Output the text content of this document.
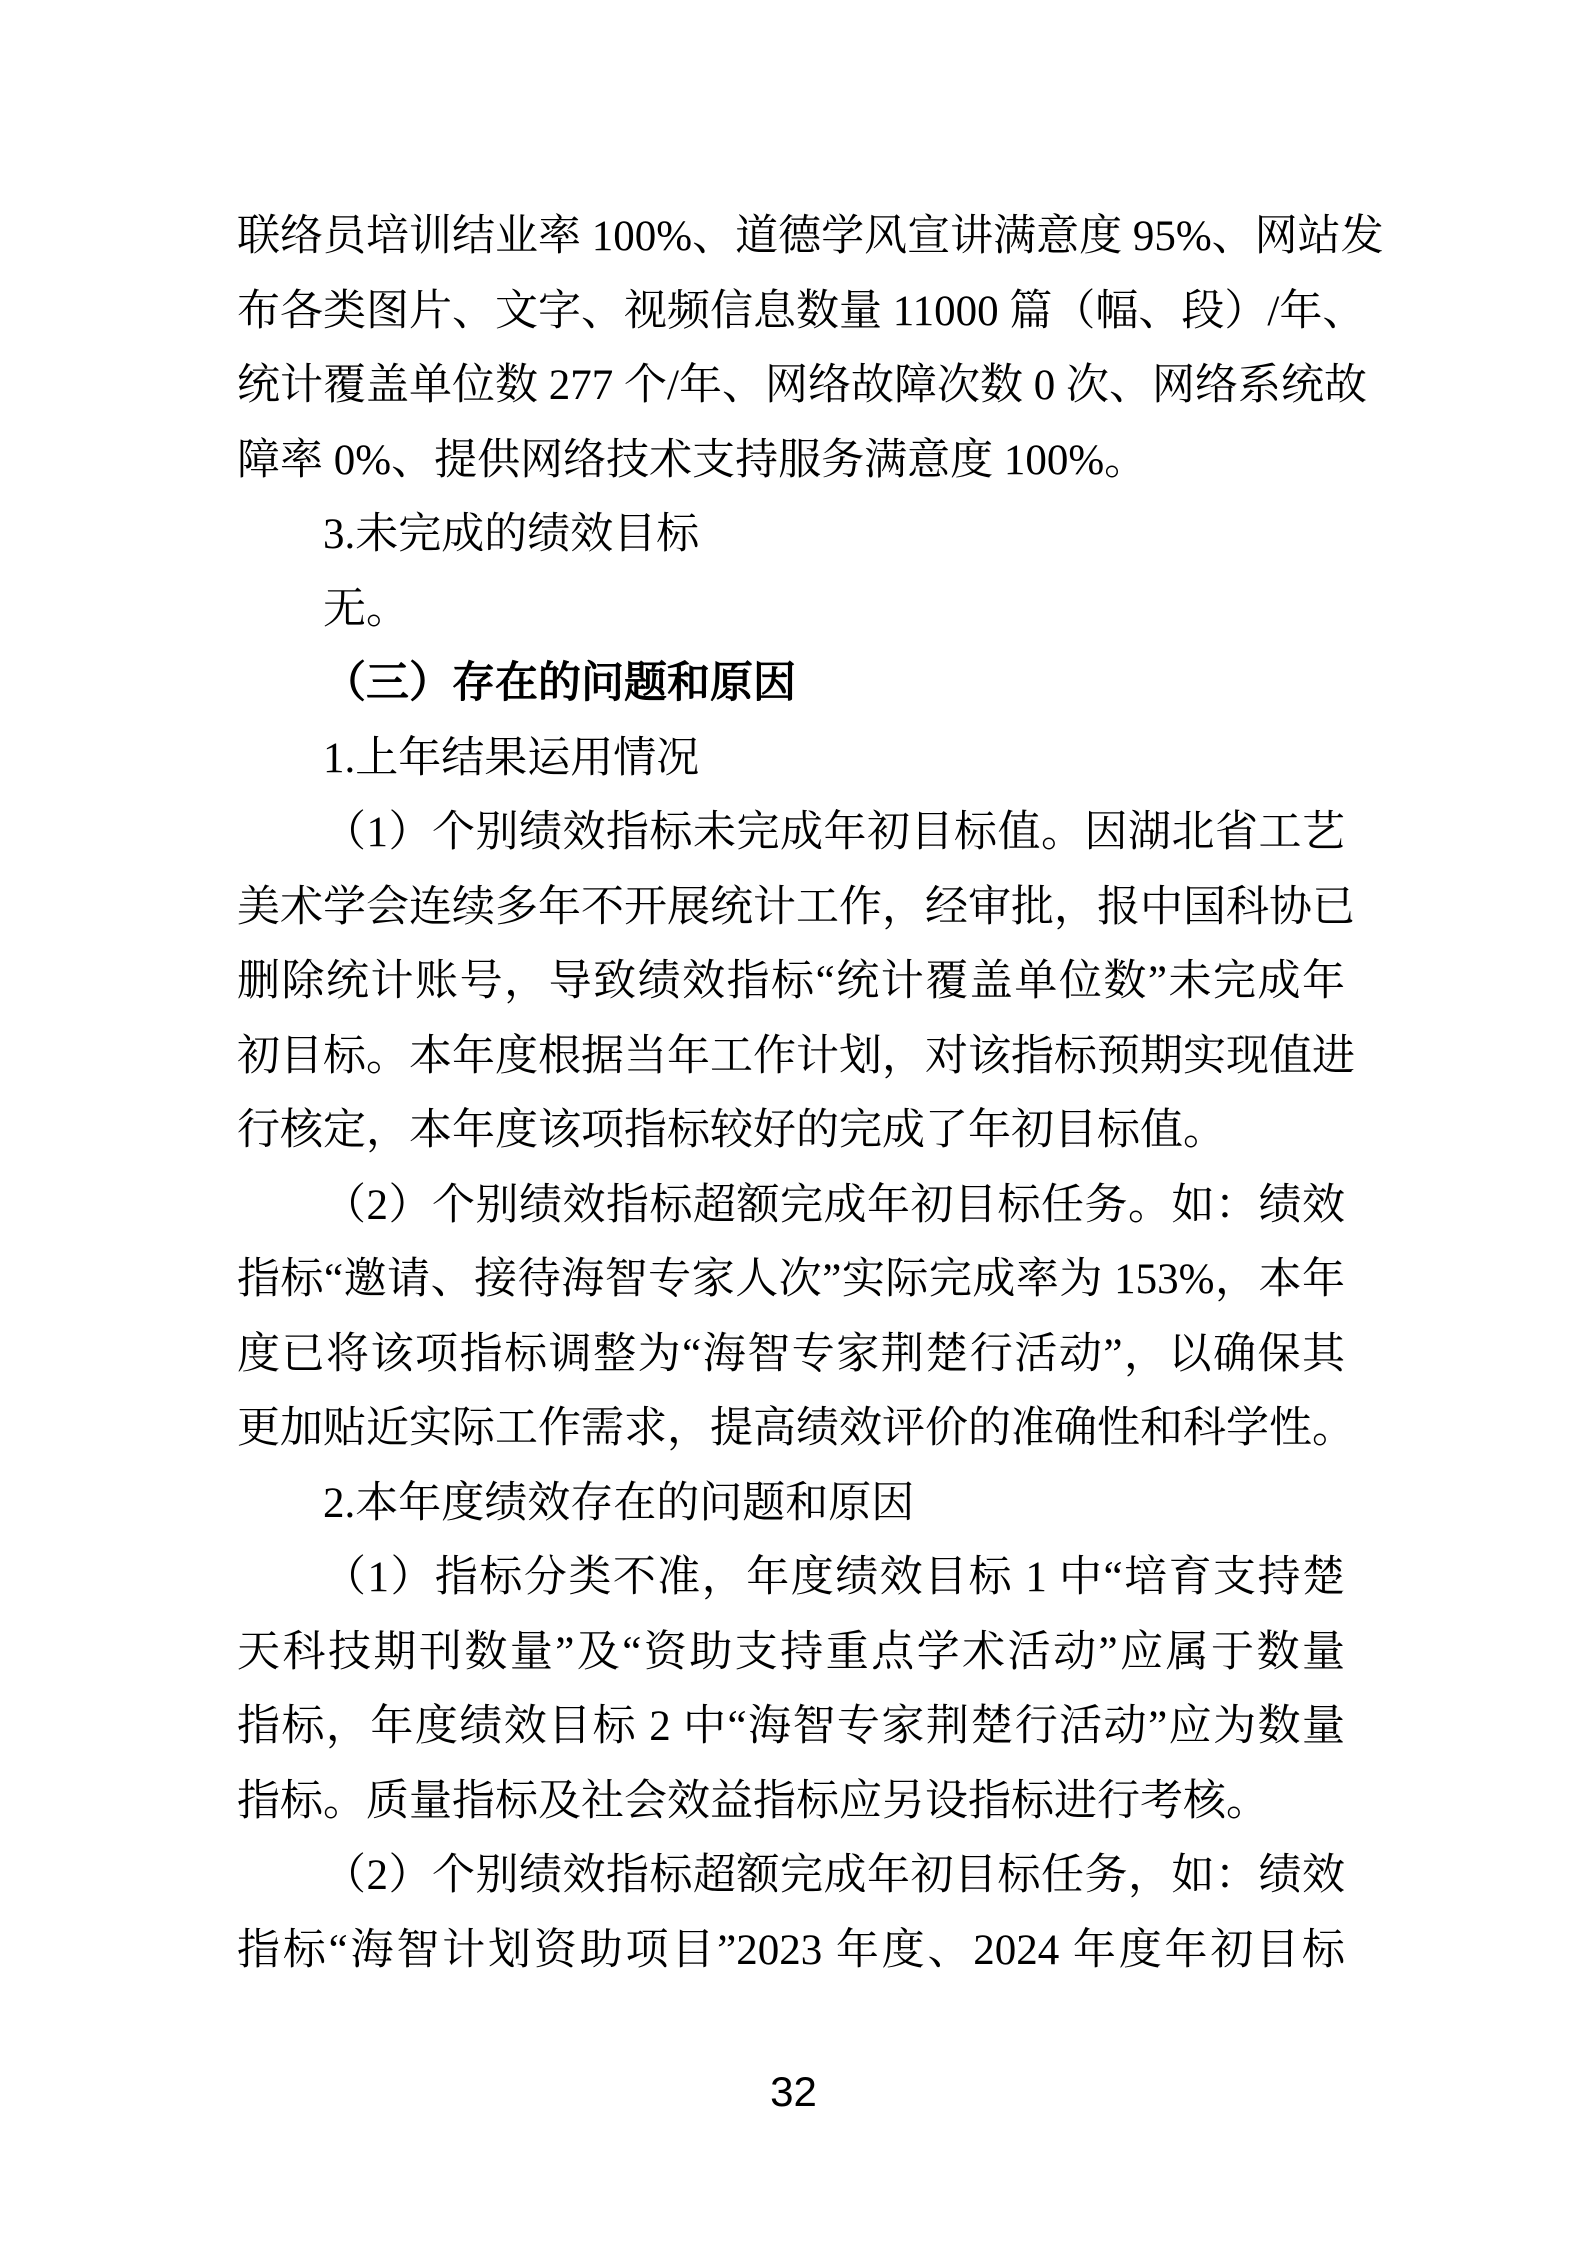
联络员培训结业率 100%、道德学风宣讲满意度 95%、网站发
布各类图片、文字、视频信息数量 11000 篇（幅、段）/年、
统计覆盖单位数 277 个/年、网络故障次数 0 次、网络系统故
障率 0%、提供网络技术支持服务满意度 100%。
3.未完成的绩效目标
无。
（三）存在的问题和原因
1.上年结果运用情况
（1）个别绩效指标未完成年初目标值。因湖北省工艺
美术学会连续多年不开展统计工作，经审批，报中国科协已
删除统计账号，导致绩效指标“统计覆盖单位数”未完成年
初目标。本年度根据当年工作计划，对该指标预期实现值进
行核定，本年度该项指标较好的完成了年初目标值。
（2）个别绩效指标超额完成年初目标任务。如：绩效
指标“邀请、接待海智专家人次”实际完成率为 153%，本年
度已将该项指标调整为“海智专家荆楚行活动”，以确保其
更加贴近实际工作需求，提高绩效评价的准确性和科学性。
2.本年度绩效存在的问题和原因
（1）指标分类不准，年度绩效目标 1 中“培育支持楚
天科技期刊数量”及“资助支持重点学术活动”应属于数量
指标，年度绩效目标 2 中“海智专家荆楚行活动”应为数量
指标。质量指标及社会效益指标应另设指标进行考核。
（2）个别绩效指标超额完成年初目标任务，如：绩效
指标“海智计划资助项目”2023 年度、2024 年度年初目标
32
